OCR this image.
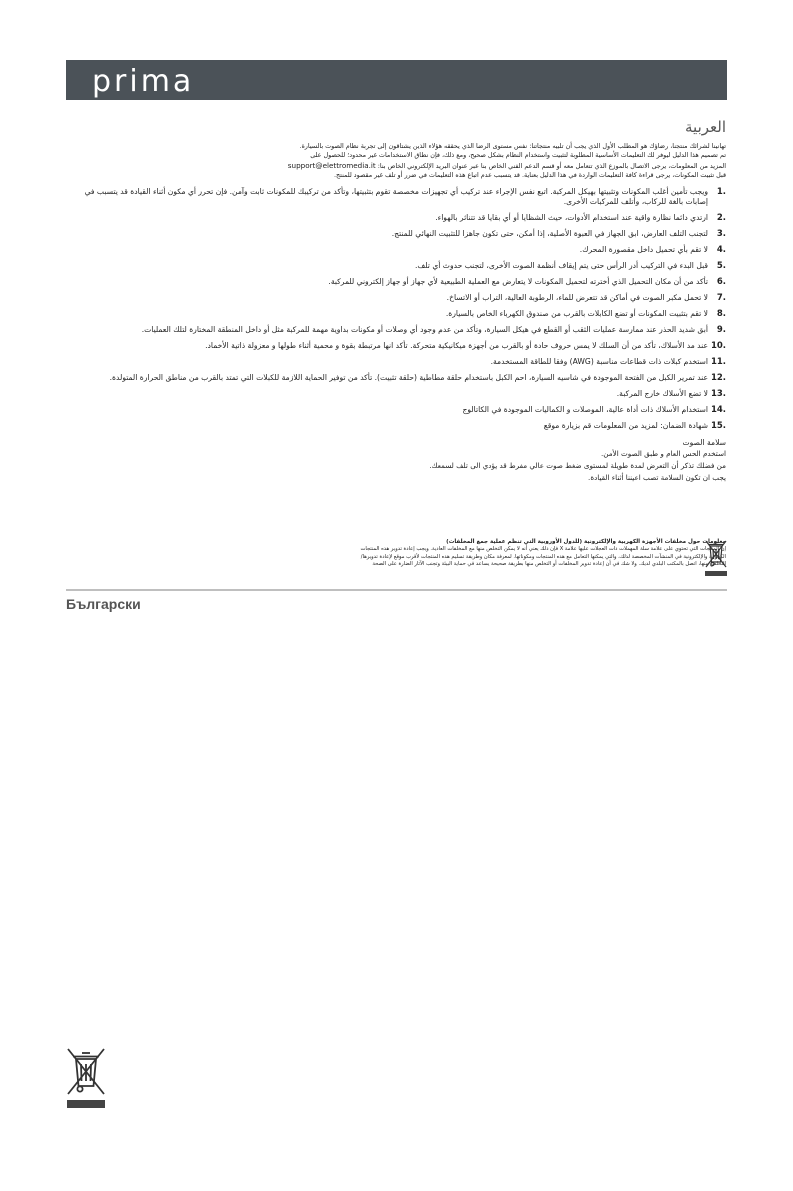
prima
العربية

تهانينا لشرائك منتجنا، رضاؤك هو المطلب الأول الذي يجب أن تلبيه منتجاتنا: نفس مستوى الرضا الذي يحققه هؤلاء الذين يشتاقون إلى تجربة نظام الصوت بالسيارة.

تم تصميم هذا الدليل ليوفر لك التعليمات الأساسية المطلوبة لتثبيت واستخدام النظام بشكل صحيح، ومع ذلك، فإن نطاق الاستخدامات غير محدود؛ للحصول على

المزيد من المعلومات، يرجى الاتصال بالموزع الذي تتعامل معه أو قسم الدعم الفني الخاص بنا عبر عنوان البريد الإلكتروني الخاص بنا: support@elettromedia.it

قبل تثبيت المكونات، يرجى قراءة كافة التعليمات الواردة في هذا الدليل بعناية. قد يتسبب عدم اتباع هذه التعليمات في ضرر أو تلف غير مقصود للمنتج.

1.
ويجب تأمين أغلب المكونات وتثبيتها بهيكل المركبة. اتبع نفس الإجراء عند تركيب أي تجهيزات مخصصة تقوم بتثبيتها، وتأكد من تركيبك للمكونات ثابت وآمن. فإن تحرر أي مكون أثناء القيادة قد يتسبب في إصابات بالغة للركاب، وأتلف للمركبات الأخرى.
2.
ارتدي دائما نظارة واقية عند استخدام الأدوات، حيث الشظايا أو أي بقايا قد تتناثر بالهواء.
3.
لتجنب التلف العارض، ابق الجهاز في العبوة الأصلية، إذا أمكن، حتى تكون جاهزا للتثبيت النهائي للمنتج.
4.
لا تقم بأي تحميل داخل مقصورة المحرك.
5.
قبل البدء في التركيب أدر الرأس حتى يتم إيقاف أنظمة الصوت الأخرى، لتجنب حدوث أي تلف.
6.
تأكد من أن مكان التحميل الذي أخترته لتحميل المكونات لا يتعارض مع العملية الطبيعية لأي جهاز أو جهاز إلكتروني للمركبة.
7.
لا تحمل مكبر الصوت في أماكن قد تتعرض للماء، الرطوبة العالية، التراب أو الاتساخ.
8.
لا تقم بتثبيت المكونات أو تضع الكابلات بالقرب من صندوق الكهرباء الخاص بالسيارة.
9.
أبق شديد الحذر عند ممارسة عمليات الثقب أو القطع في هيكل السيارة، وتأكد من عدم وجود أي وصلات أو مكونات بداوية مهمة للمركبة مثل أو داخل المنطقة المختارة لتلك العمليات.
10.
عند مد الأسلاك، تأكد من أن السلك لا يمس حروف حادة أو بالقرب من أجهزة ميكانيكية متحركة. تأكد انها مرتبطة بقوة و محمية أثناء طولها و معزولة ذاتية الأخماد.
11.
استخدم كبلات ذات قطاعات مناسبة (AWG) وفقا للطاقة المستخدمة.
12.
عند تمرير الكبل من الفتحة الموجودة في شاسيه السيارة، احم الكبل باستخدام حلقة مطاطية (حلقة تثبيت). تأكد من توفير الحماية اللازمة للكبلات التي تمتد بالقرب من مناطق الحرارة المتولدة.
13.
لا تضع الأسلاك خارج المركبة.
14.
استخدام الأسلاك ذات أداة عالية، الموصلات و الكماليات الموجودة في الكاتالوج
15.
شهادة الضمان: لمزيد من المعلومات قم بزيارة موقع
سلامة الصوت

استخدم الحس العام و طبق الصوت الأمن.

من فضلك تذكر أن التعرض لمدة طويلة لمستوى ضغط صوت عالي مفرط قد يؤدي الى تلف لسمعك.

يجب ان تكون السلامة تصب اعيننا أثناء القيادة.

معلومات حول مخلفات الأجهزة الكهربية والإلكترونية (للدول الأوروبية التي تنظم عملية جمع المخلفات)

إن المنتجات التي تحتوي على علامة سلة المهملات ذات العجلات عليها علامة X فإن ذلك يعني أنه لا يمكن التخلص منها مع المخلفات العادية. ويجب إعادة تدوير هذه المنتجات الكهربية والإلكترونية في المنشآت المخصصة لذلك، والتي يمكنها التعامل مع هذه المنتجات ومكوناتها. لمعرفة مكان وطريقة تسليم هذه المنتجات لأقرب موقع لإعادة تدويرها/ التخلص منها، اتصل بالمكتب البلدي لديك. ولا شك في أن إعادة تدوير المخلفات أو التخلص منها بطريقة صحيحة يساعد في حماية البيئة وتجنب الآثار الضارة على الصحة

Български
